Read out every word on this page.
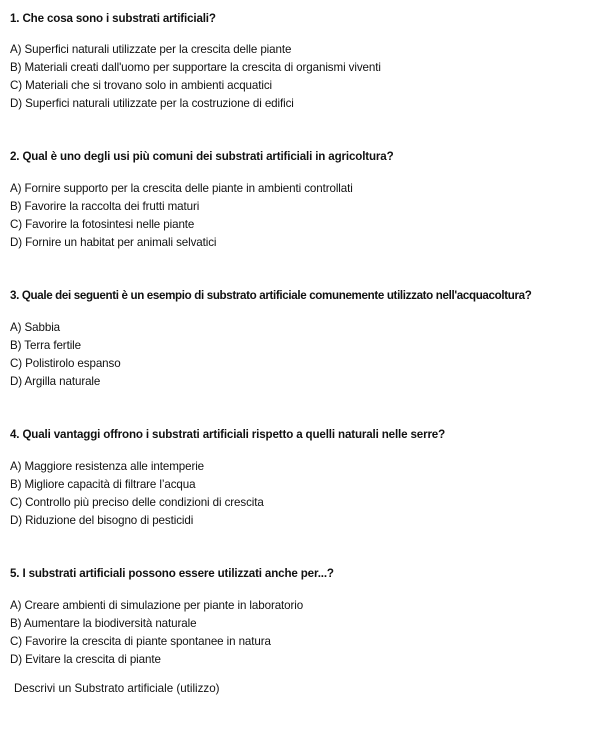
1. Che cosa sono i substrati artificiali?
A) Superfici naturali utilizzate per la crescita delle piante
B) Materiali creati dall'uomo per supportare la crescita di organismi viventi
C) Materiali che si trovano solo in ambienti acquatici
D) Superfici naturali utilizzate per la costruzione di edifici
2. Qual è uno degli usi più comuni dei substrati artificiali in agricoltura?
A) Fornire supporto per la crescita delle piante in ambienti controllati
B) Favorire la raccolta dei frutti maturi
C) Favorire la fotosintesi nelle piante
D) Fornire un habitat per animali selvatici
3. Quale dei seguenti è un esempio di substrato artificiale comunemente utilizzato nell'acquacoltura?
A) Sabbia
B) Terra fertile
C) Polistirolo espanso
D) Argilla naturale
4. Quali vantaggi offrono i substrati artificiali rispetto a quelli naturali nelle serre?
A) Maggiore resistenza alle intemperie
B) Migliore capacità di filtrare l’acqua
C) Controllo più preciso delle condizioni di crescita
D) Riduzione del bisogno di pesticidi
5. I substrati artificiali possono essere utilizzati anche per...?
A) Creare ambienti di simulazione per piante in laboratorio
B) Aumentare la biodiversità naturale
C) Favorire la crescita di piante spontanee in natura
D) Evitare la crescita di piante
Descrivi un Substrato artificiale (utilizzo)
